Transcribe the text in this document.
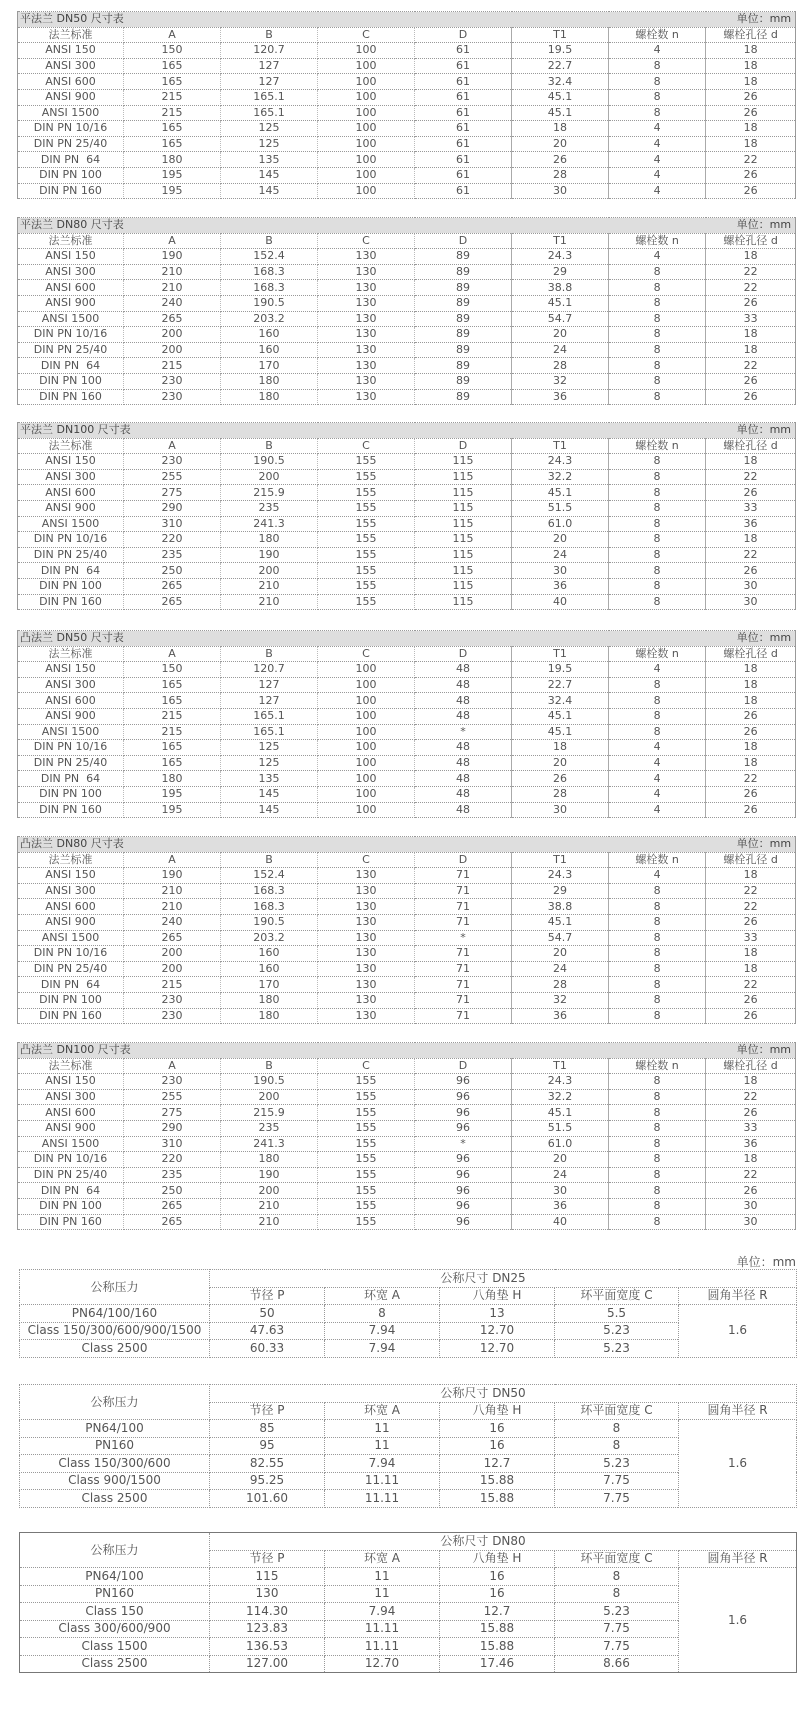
平法兰 DN50 尺寸表						单位：mm	
法兰标准	A	B	C	D	T1	螺栓数 n	螺栓孔径 d
ANSI 150	150	120.7	100	61	19.5	4	18
ANSI 300	165	127	100	61	22.7	8	18
ANSI 600	165	127	100	61	32.4	8	18
ANSI 900	215	165.1	100	61	45.1	8	26
ANSI 1500	215	165.1	100	61	45.1	8	26
DIN PN 10/16	165	125	100	61	18	4	18
DIN PN 25/40	165	125	100	61	20	4	18
DIN PN  64	180	135	100	61	26	4	22
DIN PN 100	195	145	100	61	28	4	26
DIN PN 160	195	145	100	61	30	4	26
平法兰 DN80 尺寸表						单位：mm	
法兰标准	A	B	C	D	T1	螺栓数 n	螺栓孔径 d
ANSI 150	190	152.4	130	89	24.3	4	18
ANSI 300	210	168.3	130	89	29	8	22
ANSI 600	210	168.3	130	89	38.8	8	22
ANSI 900	240	190.5	130	89	45.1	8	26
ANSI 1500	265	203.2	130	89	54.7	8	33
DIN PN 10/16	200	160	130	89	20	8	18
DIN PN 25/40	200	160	130	89	24	8	18
DIN PN  64	215	170	130	89	28	8	22
DIN PN 100	230	180	130	89	32	8	26
DIN PN 160	230	180	130	89	36	8	26
平法兰 DN100 尺寸表						单位：mm	
法兰标准	A	B	C	D	T1	螺栓数 n	螺栓孔径 d
ANSI 150	230	190.5	155	115	24.3	8	18
ANSI 300	255	200	155	115	32.2	8	22
ANSI 600	275	215.9	155	115	45.1	8	26
ANSI 900	290	235	155	115	51.5	8	33
ANSI 1500	310	241.3	155	115	61.0	8	36
DIN PN 10/16	220	180	155	115	20	8	18
DIN PN 25/40	235	190	155	115	24	8	22
DIN PN  64	250	200	155	115	30	8	26
DIN PN 100	265	210	155	115	36	8	30
DIN PN 160	265	210	155	115	40	8	30
凸法兰 DN50 尺寸表						单位：mm	
法兰标准	A	B	C	D	T1	螺栓数 n	螺栓孔径 d
ANSI 150	150	120.7	100	48	19.5	4	18
ANSI 300	165	127	100	48	22.7	8	18
ANSI 600	165	127	100	48	32.4	8	18
ANSI 900	215	165.1	100	48	45.1	8	26
ANSI 1500	215	165.1	100	*	45.1	8	26
DIN PN 10/16	165	125	100	48	18	4	18
DIN PN 25/40	165	125	100	48	20	4	18
DIN PN  64	180	135	100	48	26	4	22
DIN PN 100	195	145	100	48	28	4	26
DIN PN 160	195	145	100	48	30	4	26
凸法兰 DN80 尺寸表						单位：mm	
法兰标准	A	B	C	D	T1	螺栓数 n	螺栓孔径 d
ANSI 150	190	152.4	130	71	24.3	4	18
ANSI 300	210	168.3	130	71	29	8	22
ANSI 600	210	168.3	130	71	38.8	8	22
ANSI 900	240	190.5	130	71	45.1	8	26
ANSI 1500	265	203.2	130	*	54.7	8	33
DIN PN 10/16	200	160	130	71	20	8	18
DIN PN 25/40	200	160	130	71	24	8	18
DIN PN  64	215	170	130	71	28	8	22
DIN PN 100	230	180	130	71	32	8	26
DIN PN 160	230	180	130	71	36	8	26
凸法兰 DN100 尺寸表						单位：mm	
法兰标准	A	B	C	D	T1	螺栓数 n	螺栓孔径 d
ANSI 150	230	190.5	155	96	24.3	8	18
ANSI 300	255	200	155	96	32.2	8	22
ANSI 600	275	215.9	155	96	45.1	8	26
ANSI 900	290	235	155	96	51.5	8	33
ANSI 1500	310	241.3	155	*	61.0	8	36
DIN PN 10/16	220	180	155	96	20	8	18
DIN PN 25/40	235	190	155	96	24	8	22
DIN PN  64	250	200	155	96	30	8	26
DIN PN 100	265	210	155	96	36	8	30
DIN PN 160	265	210	155	96	40	8	30
单位：mm
公称压力	公称尺寸 DN25				
	节径 P	环宽 A	八角垫 H	环平面宽度 C	圆角半径 R
PN64/100/160	50	8	13	5.5	1.6
Class 150/300/600/900/1500	47.63	7.94	12.70	5.23	
Class 2500	60.33	7.94	12.70	5.23	
公称压力	公称尺寸 DN50				
	节径 P	环宽 A	八角垫 H	环平面宽度 C	圆角半径 R
PN64/100	85	11	16	8	1.6
PN160	95	11	16	8	
Class 150/300/600	82.55	7.94	12.7	5.23	
Class 900/1500	95.25	11.11	15.88	7.75	
Class 2500	101.60	11.11	15.88	7.75	
公称压力	公称尺寸 DN80				
	节径 P	环宽 A	八角垫 H	环平面宽度 C	圆角半径 R
PN64/100	115	11	16	8	1.6
PN160	130	11	16	8	
Class 150	114.30	7.94	12.7	5.23	
Class 300/600/900	123.83	11.11	15.88	7.75	
Class 1500	136.53	11.11	15.88	7.75	
Class 2500	127.00	12.70	17.46	8.66	
